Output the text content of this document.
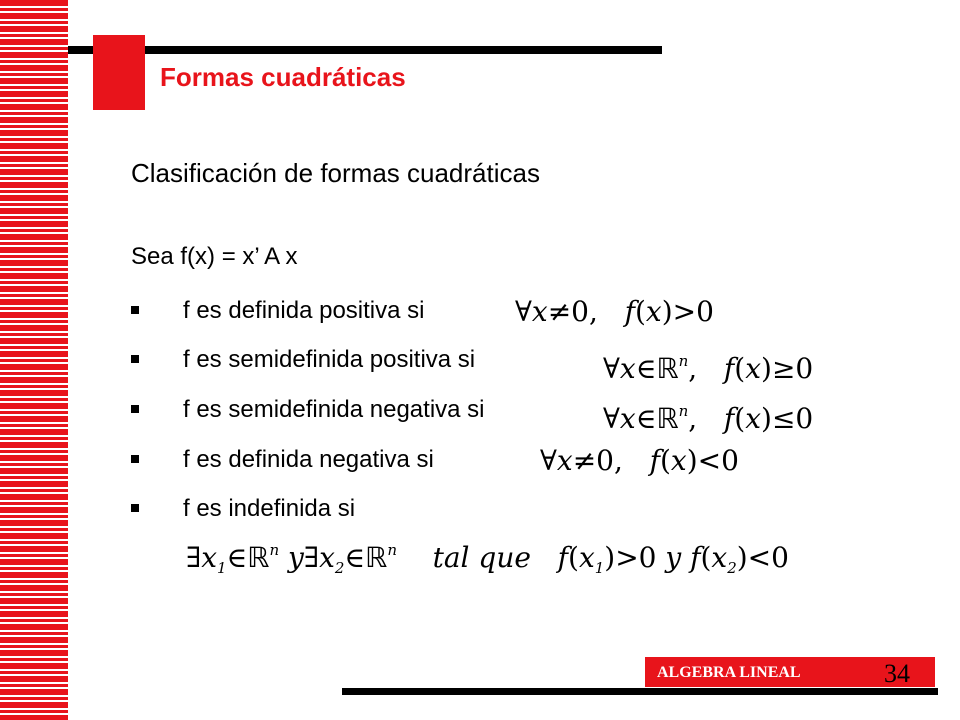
Formas cuadráticas
Clasificación de formas cuadráticas
Sea f(x) = x’ A x
f es definida positiva si	∀x≠0,   f(x)>0
f es semidefinida positiva si	∀x∈ℝ$^n$,   f(x)≥0
f es semidefinida negativa si	∀x∈ℝ$^n$,   f(x)≤0
f es definida negativa si	∀x≠0,   f(x)<0
f es indefinida si
$\exists x_1\in ℝ^n$ $y\exists x_2\in ℝ^n$    tal que   $f(x_1)>0$ y $f(x_2)<0$
ALGEBRA LINEAL	34
